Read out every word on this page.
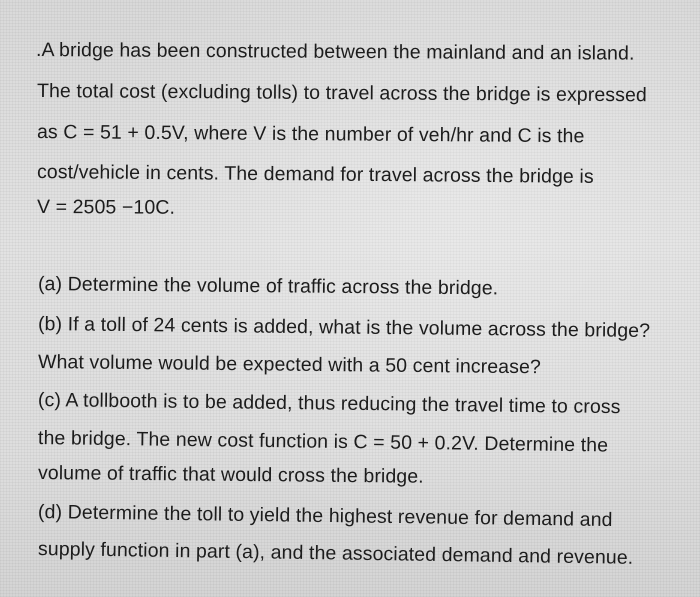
.A bridge has been constructed between the mainland and an island.
The total cost (excluding tolls) to travel across the bridge is expressed
as C = 51 + 0.5V, where V is the number of veh/hr and C is the
cost/vehicle in cents. The demand for travel across the bridge is
V = 2505 −10C.
(a) Determine the volume of traffic across the bridge.
(b) If a toll of 24 cents is added, what is the volume across the bridge?
What volume would be expected with a 50 cent increase?
(c) A tollbooth is to be added, thus reducing the travel time to cross
the bridge. The new cost function is C = 50 + 0.2V. Determine the
volume of traffic that would cross the bridge.
(d) Determine the toll to yield the highest revenue for demand and
supply function in part (a), and the associated demand and revenue.
